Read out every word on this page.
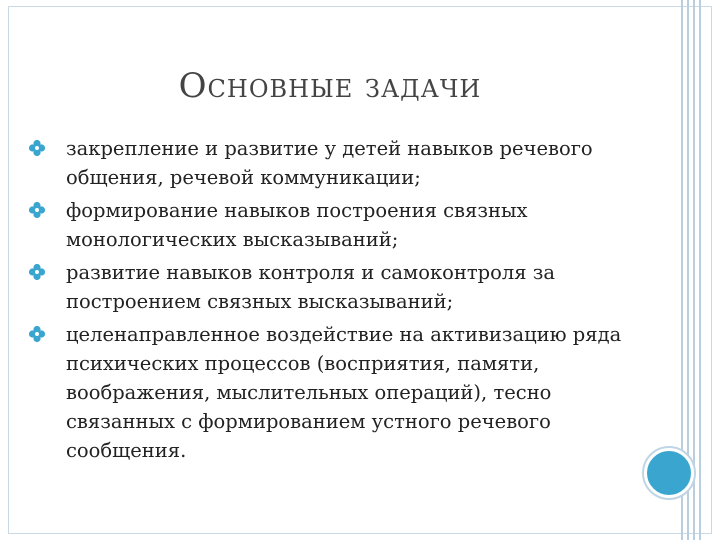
Основные задачи
закрепление и развитие у детей навыков речевого общения, речевой коммуникации;
формирование навыков построения связных монологических высказываний;
развитие навыков контроля и самоконтроля за построением связных высказываний;
целенаправленное воздействие на активизацию ряда психических процессов (восприятия, памяти, воображения, мыслительных операций), тесно связанных с формированием устного речевого сообщения.
